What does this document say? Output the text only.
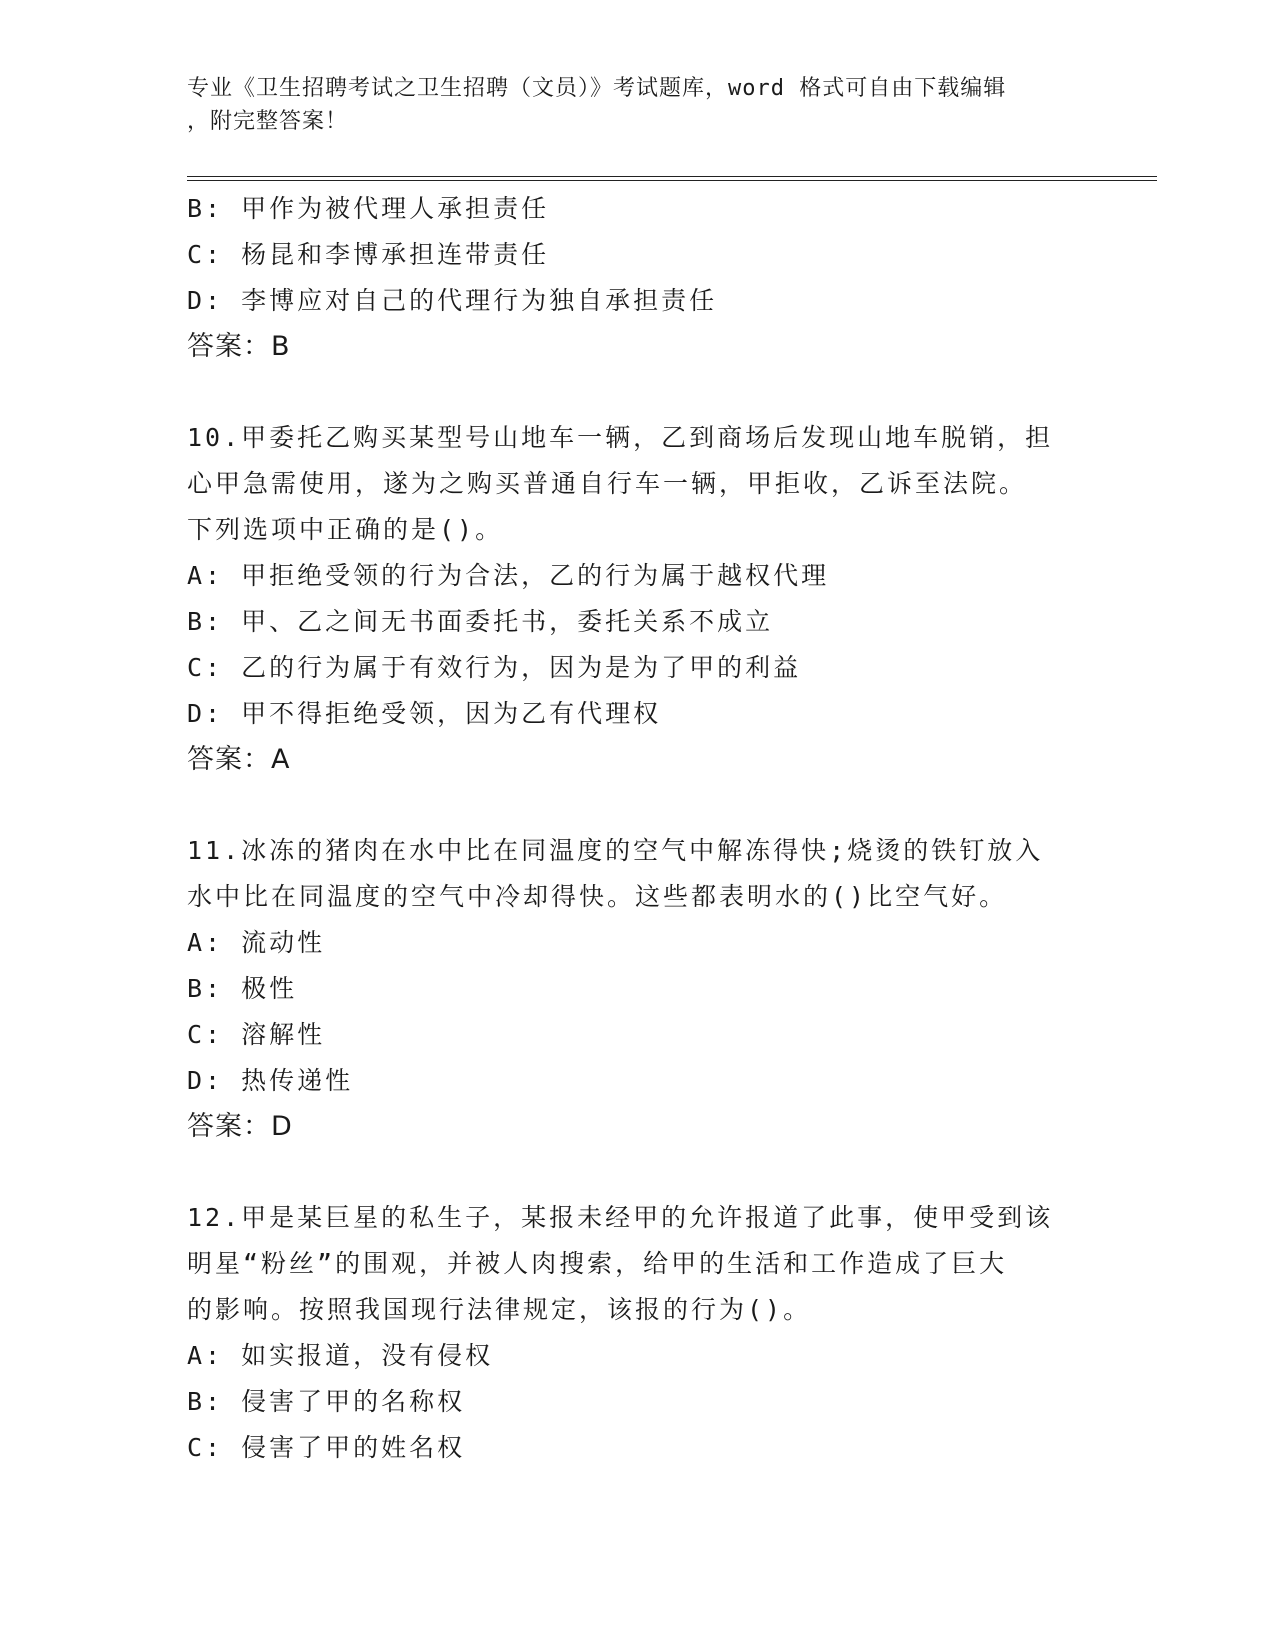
专业《卫生招聘考试之卫生招聘（文员）》考试题库，word 格式可自由下载编辑
，附完整答案！
B: 甲作为被代理人承担责任
C: 杨昆和李博承担连带责任
D: 李博应对自己的代理行为独自承担责任
答案：B
10.甲委托乙购买某型号山地车一辆，乙到商场后发现山地车脱销，担
心甲急需使用，遂为之购买普通自行车一辆，甲拒收，乙诉至法院。
下列选项中正确的是()。
A: 甲拒绝受领的行为合法，乙的行为属于越权代理
B: 甲、乙之间无书面委托书，委托关系不成立
C: 乙的行为属于有效行为，因为是为了甲的利益
D: 甲不得拒绝受领，因为乙有代理权
答案：A
11.冰冻的猪肉在水中比在同温度的空气中解冻得快;烧烫的铁钉放入
水中比在同温度的空气中冷却得快。这些都表明水的()比空气好。
A: 流动性
B: 极性
C: 溶解性
D: 热传递性
答案：D
12.甲是某巨星的私生子，某报未经甲的允许报道了此事，使甲受到该
明星“粉丝”的围观，并被人肉搜索，给甲的生活和工作造成了巨大
的影响。按照我国现行法律规定，该报的行为()。
A: 如实报道，没有侵权
B: 侵害了甲的名称权
C: 侵害了甲的姓名权
